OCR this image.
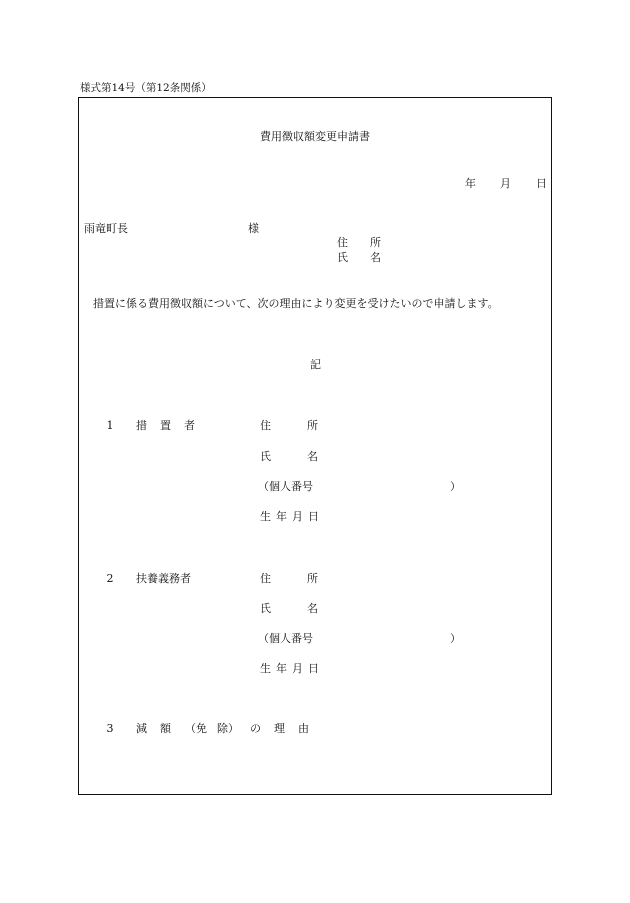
様式第14号（第12条関係）
費用徴収額変更申請書
年 月 日
雨竜町長	様
住 所
氏 名
措置に係る費用徴収額について、次の理由により変更を受けたいので申請します。
記
1 措 置 者	住	所
氏	名
（個人番号	）
生 年 月 日
2 扶養義務者	住	所
氏	名
（個人番号	）
生 年 月 日
3 減 額 （免 除） の 理 由
